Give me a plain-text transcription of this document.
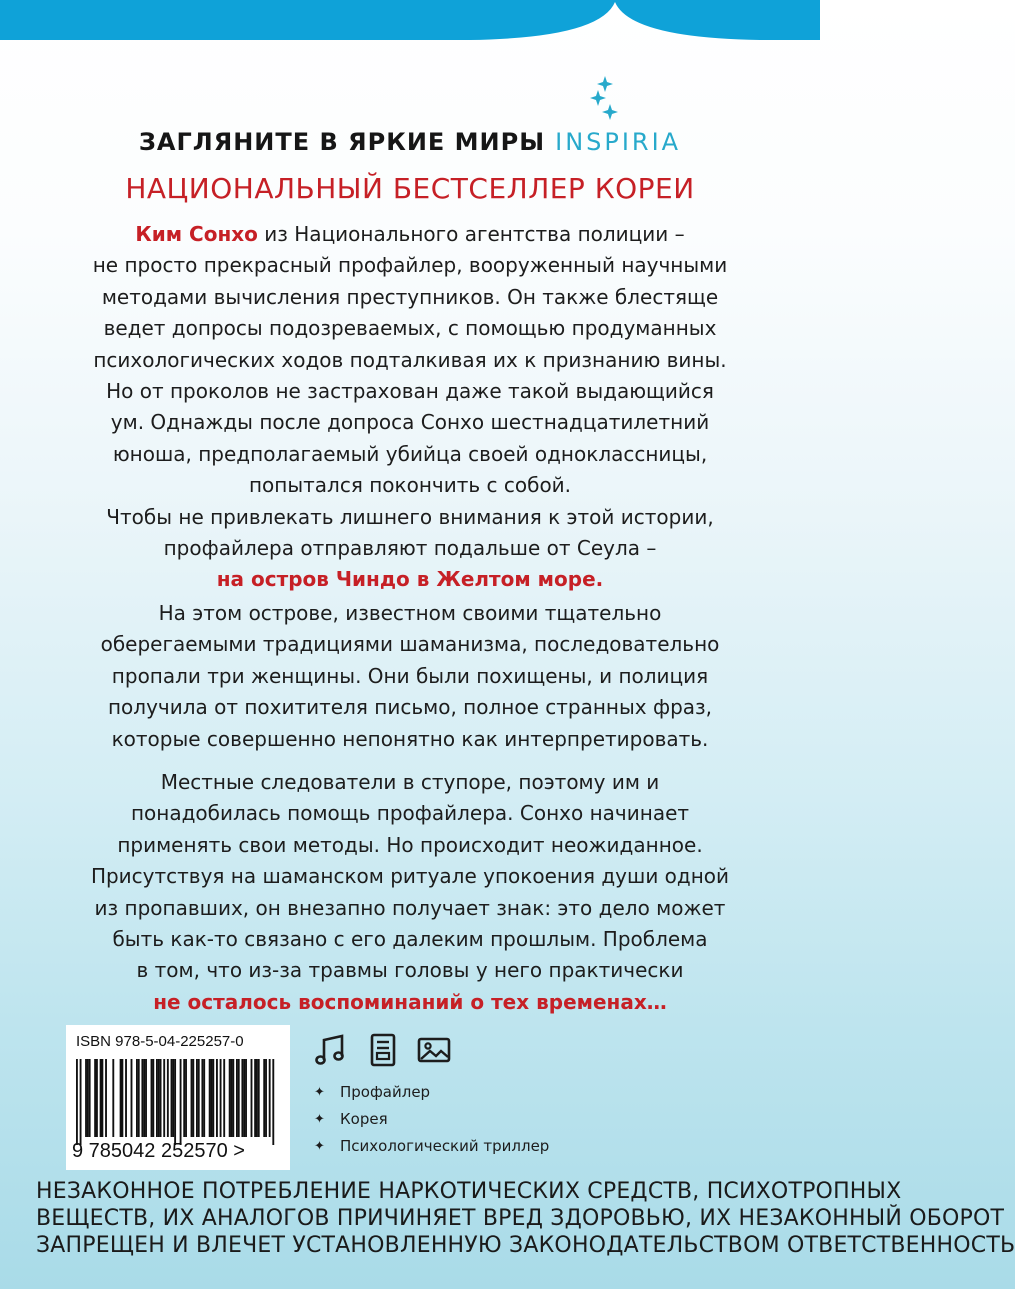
ЗАГЛЯНИТЕ В ЯРКИЕ МИРЫ INSPIRIA
НАЦИОНАЛЬНЫЙ БЕСТСЕЛЛЕР КОРЕИ
Ким Сонхо из Национального агентства полиции –
не просто прекрасный профайлер, вооруженный научными
методами вычисления преступников. Он также блестяще
ведет допросы подозреваемых, с помощью продуманных
психологических ходов подталкивая их к признанию вины.
Но от проколов не застрахован даже такой выдающийся
ум. Однажды после допроса Сонхо шестнадцатилетний
юноша, предполагаемый убийца своей одноклассницы,
попытался покончить с собой.
Чтобы не привлекать лишнего внимания к этой истории,
профайлера отправляют подальше от Сеула –
на остров Чиндо в Желтом море.
На этом острове, известном своими тщательно
оберегаемыми традициями шаманизма, последовательно
пропали три женщины. Они были похищены, и полиция
получила от похитителя письмо, полное странных фраз,
которые совершенно непонятно как интерпретировать.
Местные следователи в ступоре, поэтому им и
понадобилась помощь профайлера. Сонхо начинает
применять свои методы. Но происходит неожиданное.
Присутствуя на шаманском ритуале упокоения души одной
из пропавших, он внезапно получает знак: это дело может
быть как-то связано с его далеким прошлым. Проблема
в том, что из-за травмы головы у него практически
не осталось воспоминаний о тех временах…
ISBN 978-5-04-225257-0
9 785042 252570 >
✦ Профайлер
✦ Корея
✦ Психологический триллер
НЕЗАКОННОЕ ПОТРЕБЛЕНИЕ НАРКОТИЧЕСКИХ СРЕДСТВ, ПСИХОТРОПНЫХ
ВЕЩЕСТВ, ИХ АНАЛОГОВ ПРИЧИНЯЕТ ВРЕД ЗДОРОВЬЮ, ИХ НЕЗАКОННЫЙ ОБОРОТ
ЗАПРЕЩЕН И ВЛЕЧЕТ УСТАНОВЛЕННУЮ ЗАКОНОДАТЕЛЬСТВОМ ОТВЕТСТВЕННОСТЬ
